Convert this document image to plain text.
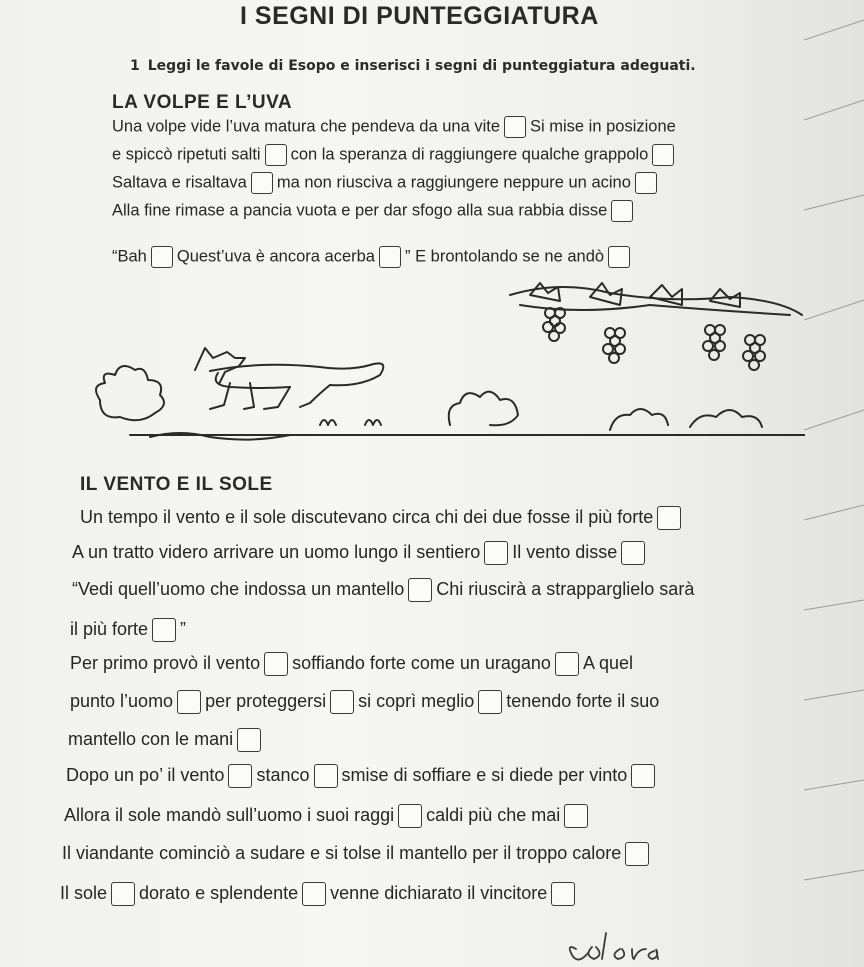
I SEGNI DI PUNTEGGIATURA
1 Leggi le favole di Esopo e inserisci i segni di punteggiatura adeguati.
LA VOLPE E L’UVA
Una volpe vide l’uva matura che pendeva da una vite Si mise in posizione
e spiccò ripetuti salti con la speranza di raggiungere qualche grappolo
Saltava e risaltava ma non riusciva a raggiungere neppure un acino
Alla fine rimase a pancia vuota e per dar sfogo alla sua rabbia disse
“Bah Quest’uva è ancora acerba ” E brontolando se ne andò
IL VENTO E IL SOLE
Un tempo il vento e il sole discutevano circa chi dei due fosse il più forte
A un tratto videro arrivare un uomo lungo il sentiero Il vento disse
“Vedi quell’uomo che indossa un mantello Chi riuscirà a strapparglielo sarà
il più forte ”
Per primo provò il vento soffiando forte come un uragano A quel
punto l’uomo per proteggersi si coprì meglio tenendo forte il suo
mantello con le mani
Dopo un po’ il vento stanco smise di soffiare e si diede per vinto
Allora il sole mandò sull’uomo i suoi raggi caldi più che mai
Il viandante cominciò a sudare e si tolse il mantello per il troppo calore
Il sole dorato e splendente venne dichiarato il vincitore
